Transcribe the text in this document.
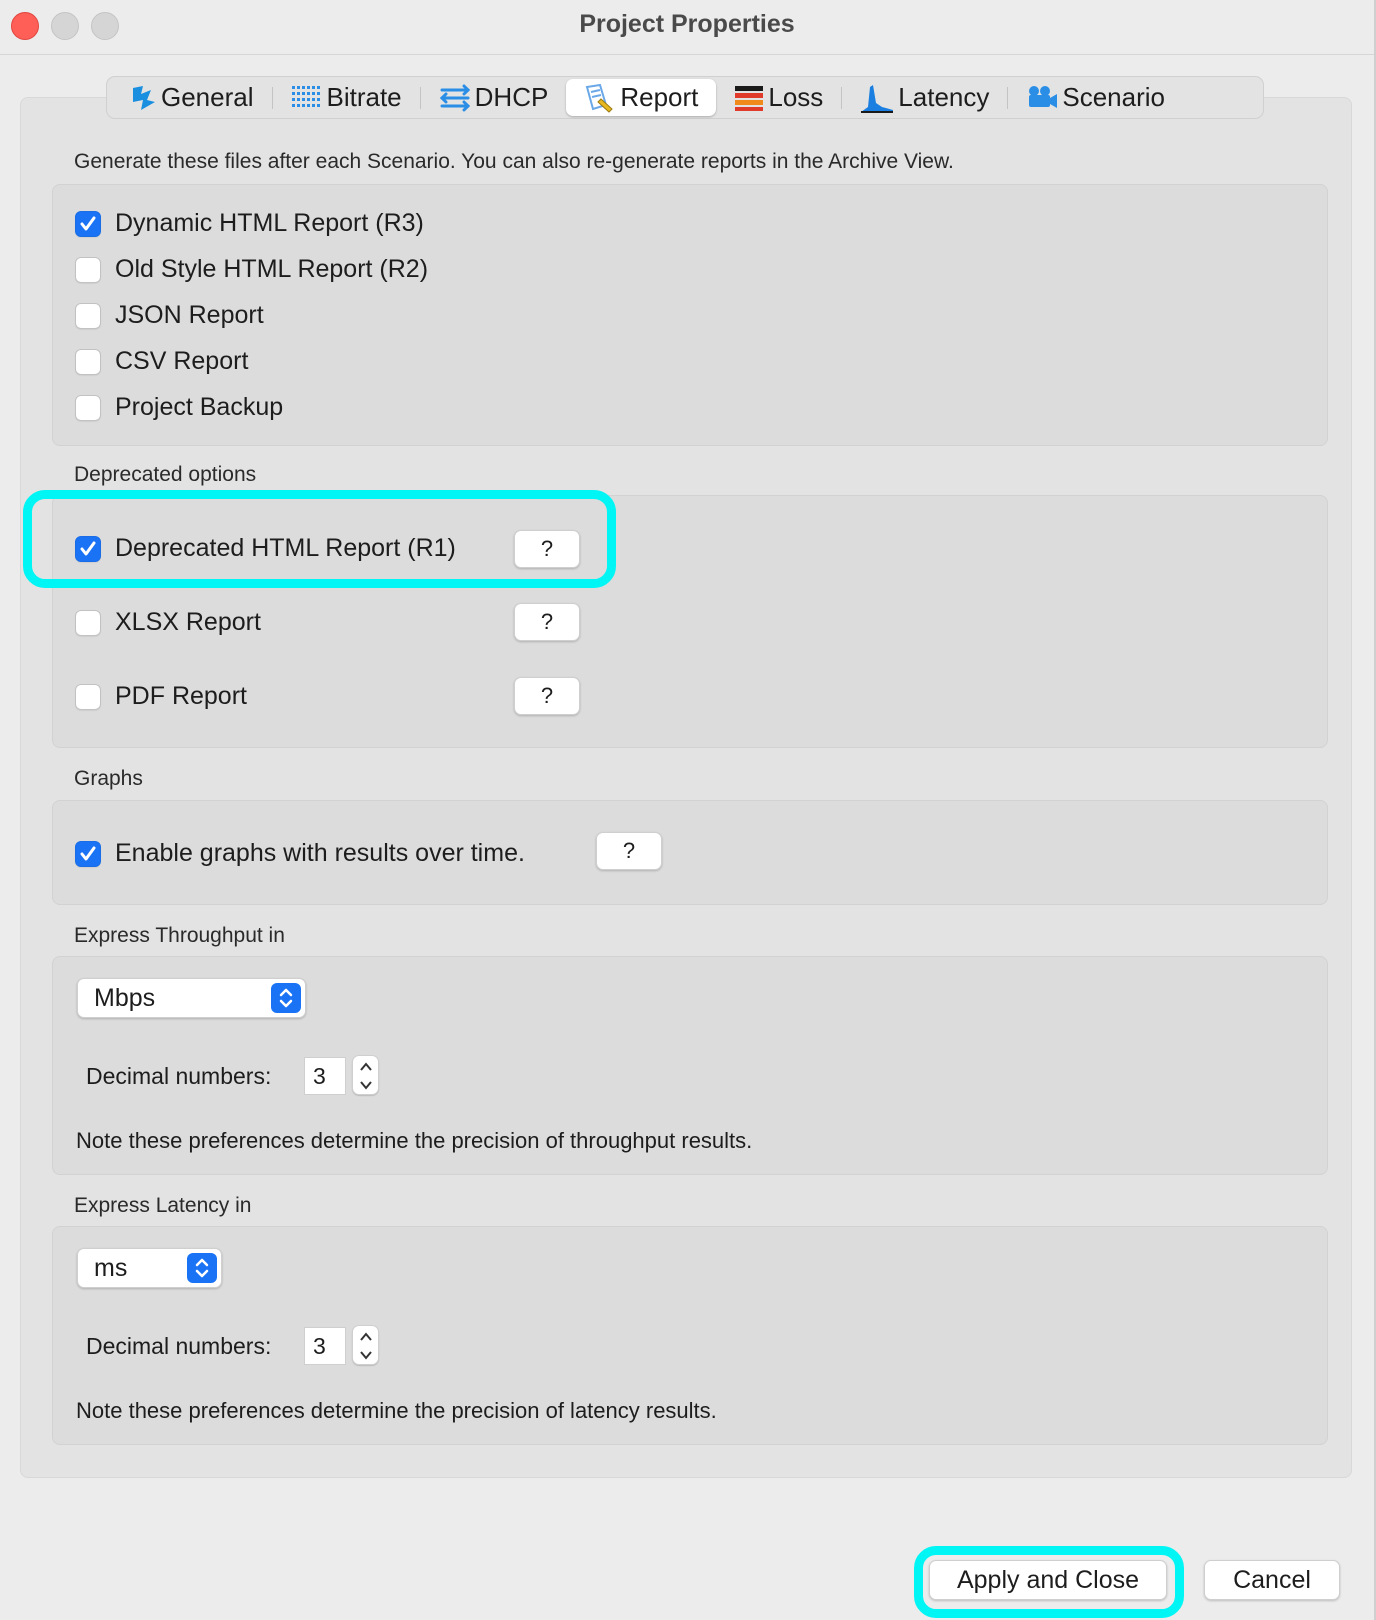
Project Properties
General	Bitrate	DHCP	Report	Loss	Latency	Scenario
Generate these files after each Scenario. You can also re-generate reports in the Archive View.
Dynamic HTML Report (R3)
Old Style HTML Report (R2)
JSON Report
CSV Report
Project Backup
Deprecated options
Deprecated HTML Report (R1)	?
XLSX Report	?
PDF Report	?
Graphs
Enable graphs with results over time.	?
Express Throughput in
Mbps
Decimal numbers:	3
Note these preferences determine the precision of throughput results.
Express Latency in
ms
Decimal numbers:	3
Note these preferences determine the precision of latency results.
Apply and Close	Cancel
